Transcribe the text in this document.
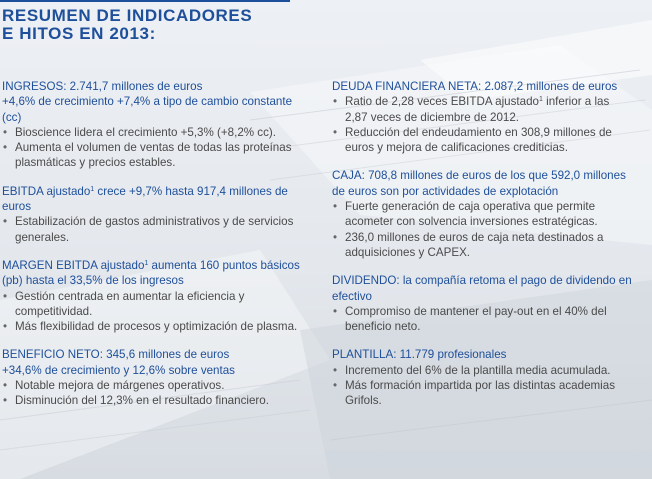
RESUMEN DE INDICADORES
E HITOS EN 2013:

INGRESOS: 2.741,7 millones de euros
+4,6% de crecimiento +7,4% a tipo de cambio constante (cc)

• Bioscience lidera el crecimiento +5,3% (+8,2% cc).
• Aumenta el volumen de ventas de todas las proteínas plasmáticas y precios estables.

EBITDA ajustado$^1$ crece +9,7% hasta 917,4 millones de euros

• Estabilización de gastos administrativos y de servicios generales.

MARGEN EBITDA ajustado$^1$ aumenta 160 puntos básicos (pb) hasta el 33,5% de los ingresos

• Gestión centrada en aumentar la eficiencia y competitividad.
• Más flexibilidad de procesos y optimización de plasma.

BENEFICIO NETO: 345,6 millones de euros
+34,6% de crecimiento y 12,6% sobre ventas

• Notable mejora de márgenes operativos.
• Disminución del 12,3% en el resultado financiero.

DEUDA FINANCIERA NETA: 2.087,2 millones de euros

• Ratio de 2,28 veces EBITDA ajustado$^1$ inferior a las 2,87 veces de diciembre de 2012.
• Reducción del endeudamiento en 308,9 millones de euros y mejora de calificaciones crediticias.

CAJA: 708,8 millones de euros de los que 592,0 millones de euros son por actividades de explotación

• Fuerte generación de caja operativa que permite acometer con solvencia inversiones estratégicas.
• 236,0 millones de euros de caja neta destinados a adquisiciones y CAPEX.

DIVIDENDO: la compañía retoma el pago de dividendo en efectivo

• Compromiso de mantener el pay-out en el 40% del beneficio neto.

PLANTILLA: 11.779 profesionales

• Incremento del 6% de la plantilla media acumulada.
• Más formación impartida por las distintas academias Grifols.
